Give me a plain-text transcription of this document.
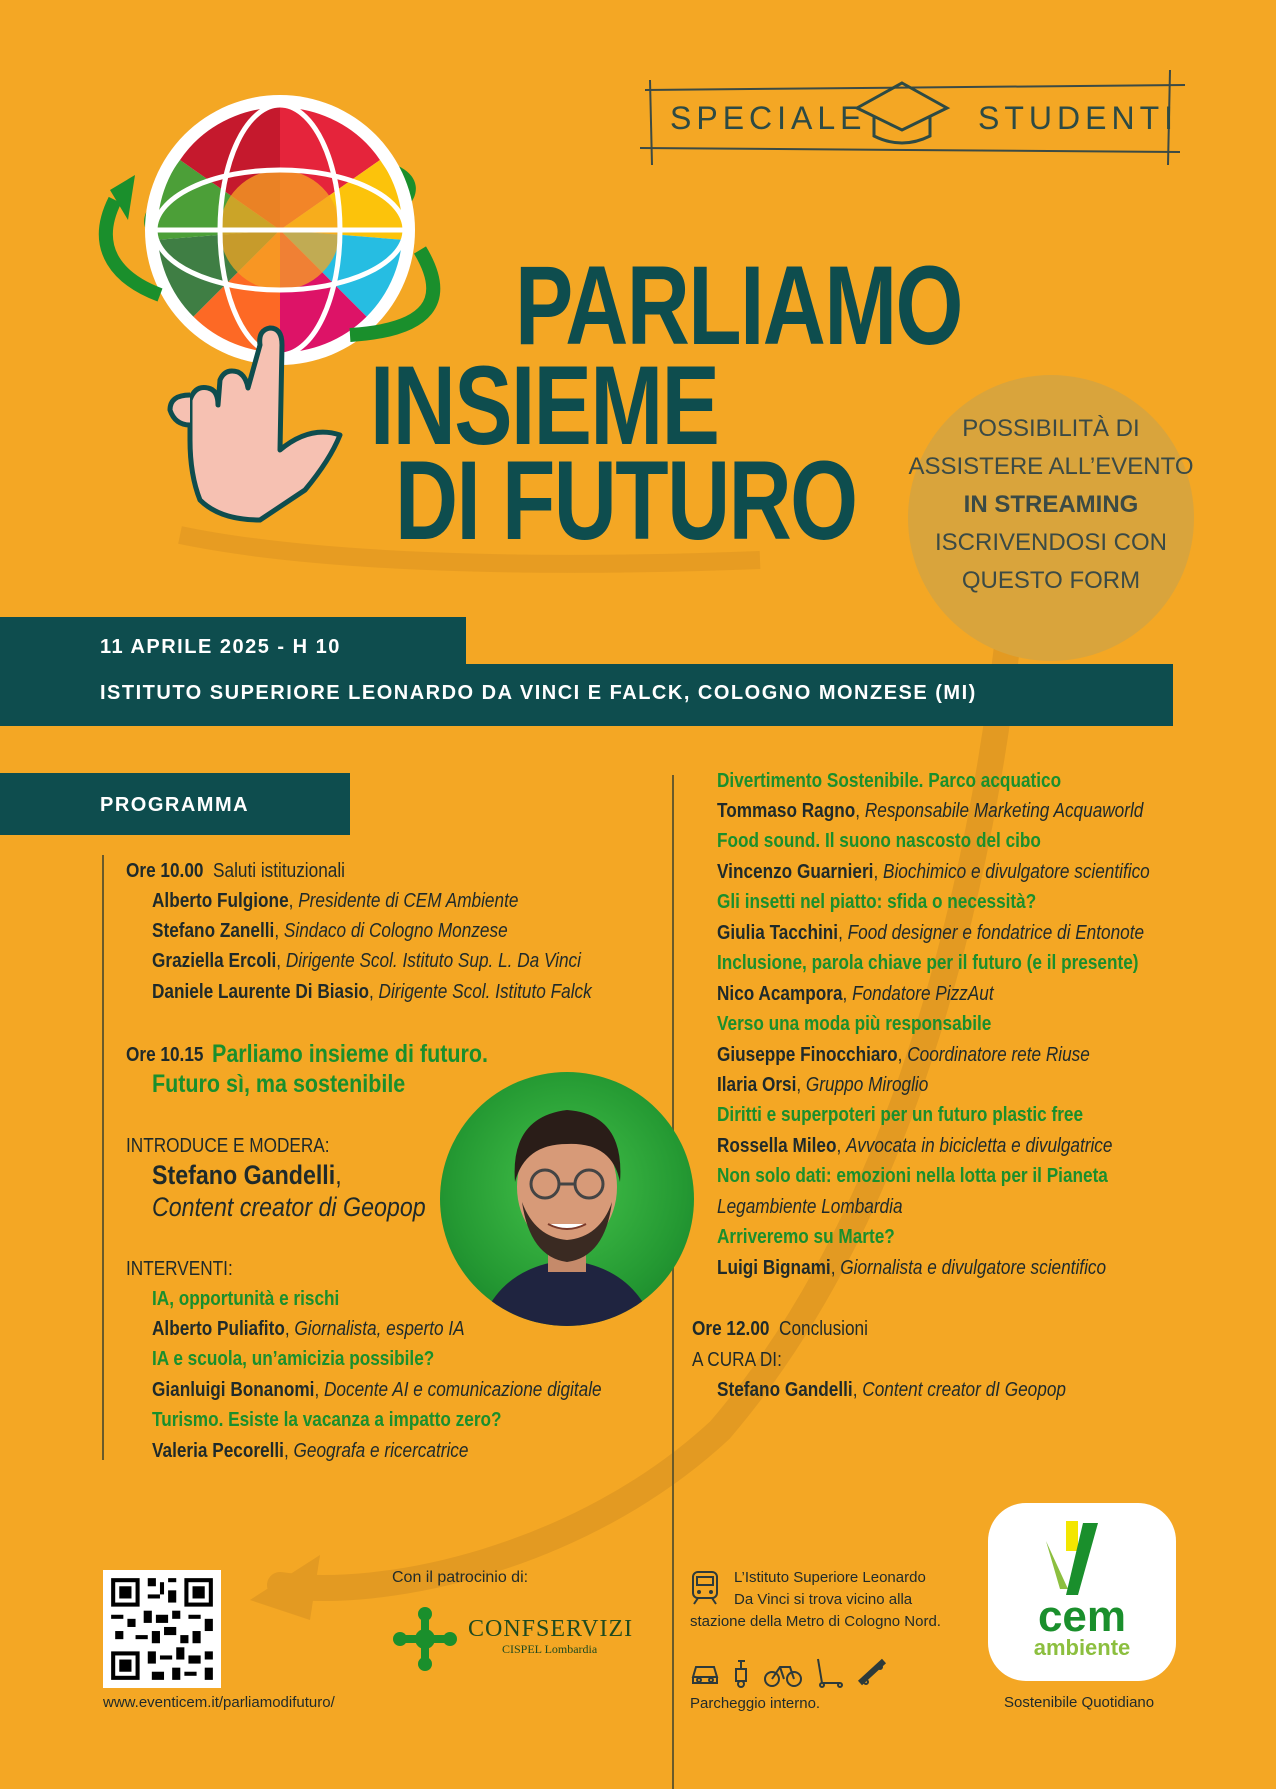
SPECIALE	STUDENTI
PARLIAMO
INSIEME
DI FUTURO
POSSIBILITÀ DI
ASSISTERE ALL’EVENTO
IN STREAMING
ISCRIVENDOSI CON
QUESTO FORM
11 APRILE 2025 - H 10
ISTITUTO SUPERIORE LEONARDO DA VINCI E FALCK, COLOGNO MONZESE (MI)
PROGRAMMA
Ore 10.00 Saluti istituzionali
Alberto Fulgione, Presidente di CEM Ambiente
Stefano Zanelli, Sindaco di Cologno Monzese
Graziella Ercoli, Dirigente Scol. Istituto Sup. L. Da Vinci
Daniele Laurente Di Biasio, Dirigente Scol. Istituto Falck
Ore 10.15 Parliamo insieme di futuro.
Futuro sì, ma sostenibile
INTRODUCE E MODERA:
Stefano Gandelli,
Content creator di Geopop
INTERVENTI:
IA, opportunità e rischi
Alberto Puliafito, Giornalista, esperto IA
IA e scuola, un’amicizia possibile?
Gianluigi Bonanomi, Docente AI e comunicazione digitale
Turismo. Esiste la vacanza a impatto zero?
Valeria Pecorelli, Geografa e ricercatrice
Divertimento Sostenibile. Parco acquatico
Tommaso Ragno, Responsabile Marketing Acquaworld
Food sound. Il suono nascosto del cibo
Vincenzo Guarnieri, Biochimico e divulgatore scientifico
Gli insetti nel piatto: sfida o necessità?
Giulia Tacchini, Food designer e fondatrice di Entonote
Inclusione, parola chiave per il futuro (e il presente)
Nico Acampora, Fondatore PizzAut
Verso una moda più responsabile
Giuseppe Finocchiaro, Coordinatore rete Riuse
Ilaria Orsi, Gruppo Miroglio
Diritti e superpoteri per un futuro plastic free
Rossella Mileo, Avvocata in bicicletta e divulgatrice
Non solo dati: emozioni nella lotta per il Pianeta
Legambiente Lombardia
Arriveremo su Marte?
Luigi Bignami, Giornalista e divulgatore scientifico
Ore 12.00 Conclusioni
A CURA DI:
Stefano Gandelli, Content creator dI Geopop
www.eventicem.it/parliamodifuturo/
Con il patrocinio di:
CONFSERVIZI
CISPEL Lombardia
L’Istituto Superiore Leonardo
Da Vinci si trova vicino alla
stazione della Metro di Cologno Nord.
Parcheggio interno.
cem
ambiente
Sostenibile Quotidiano
